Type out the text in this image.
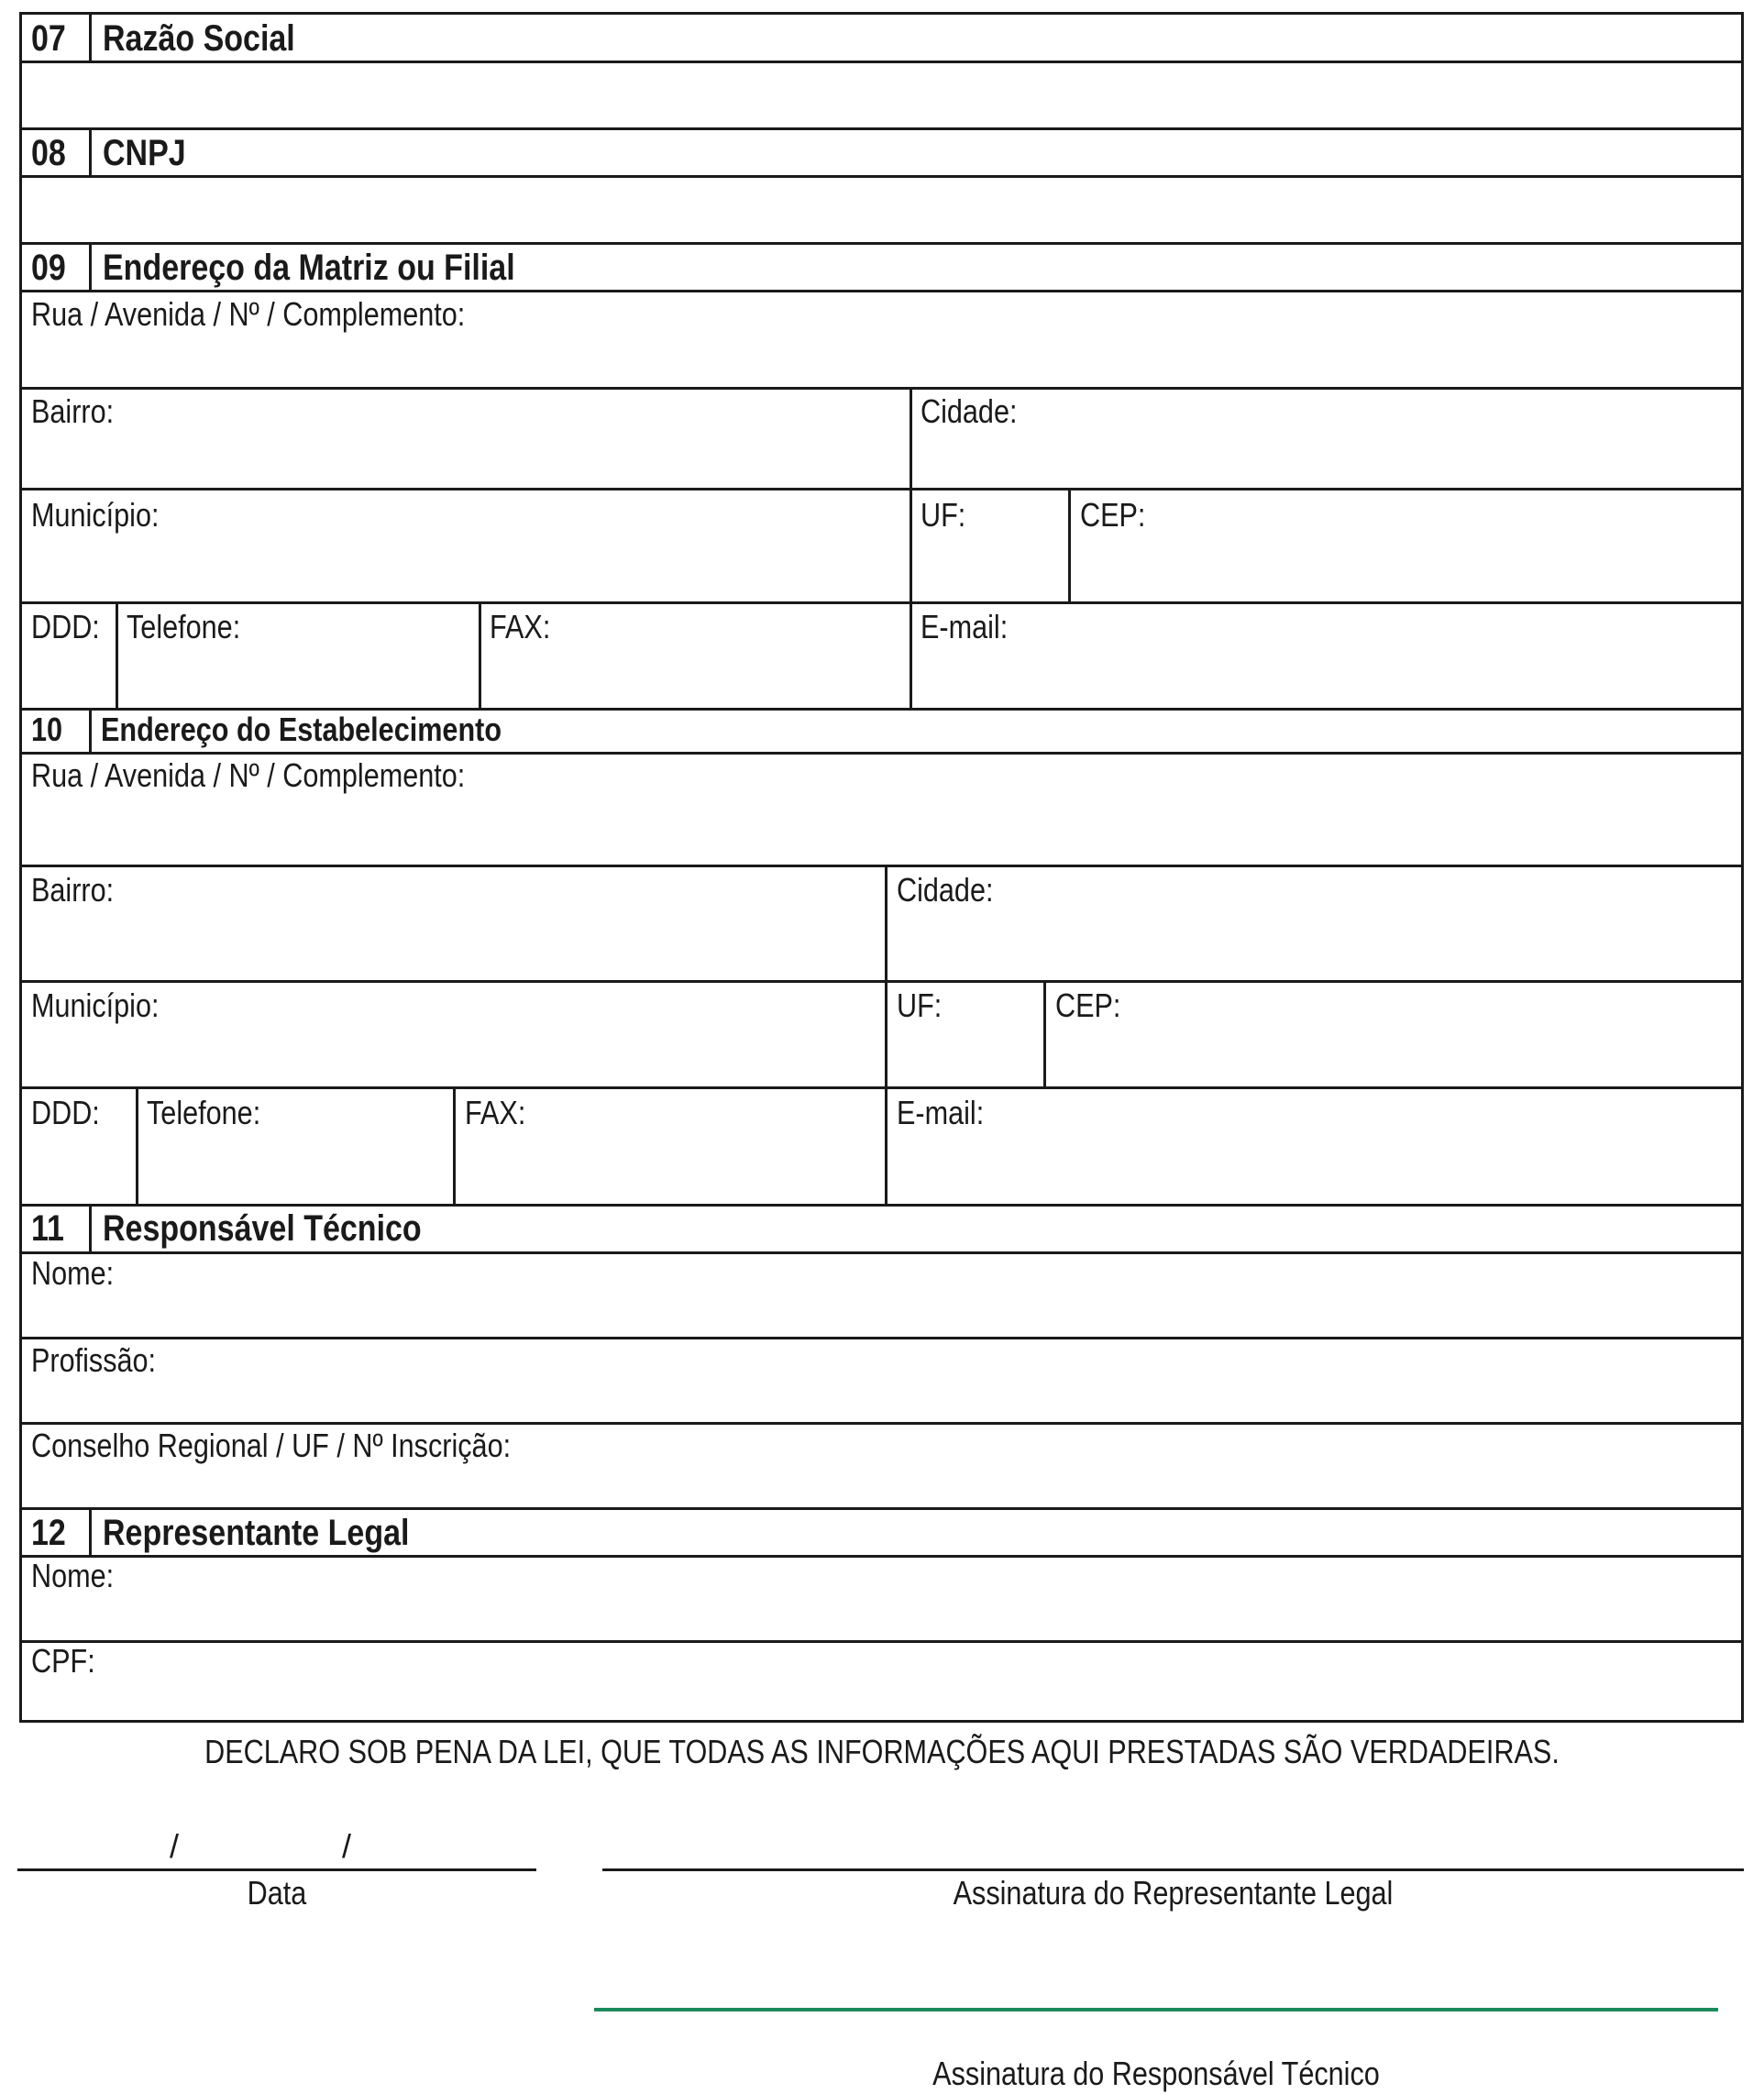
07 Razão Social
08 CNPJ
09 Endereço da Matriz ou Filial
Rua / Avenida / Nº / Complemento:
Bairro:	Cidade:
Município:	UF:	CEP:
DDD: Telefone:	FAX:	E-mail:
10 Endereço do Estabelecimento
Rua / Avenida / Nº / Complemento:
Bairro:	Cidade:
Município:	UF:	CEP:
DDD: Telefone:	FAX:	E-mail:
11 Responsável Técnico
Nome:
Profissão:
Conselho Regional / UF / Nº Inscrição:
12 Representante Legal
Nome:
CPF:
DECLARO SOB PENA DA LEI, QUE TODAS AS INFORMAÇÕES AQUI PRESTADAS SÃO VERDADEIRAS.
/	/
Data	Assinatura do Representante Legal
Assinatura do Responsável Técnico
